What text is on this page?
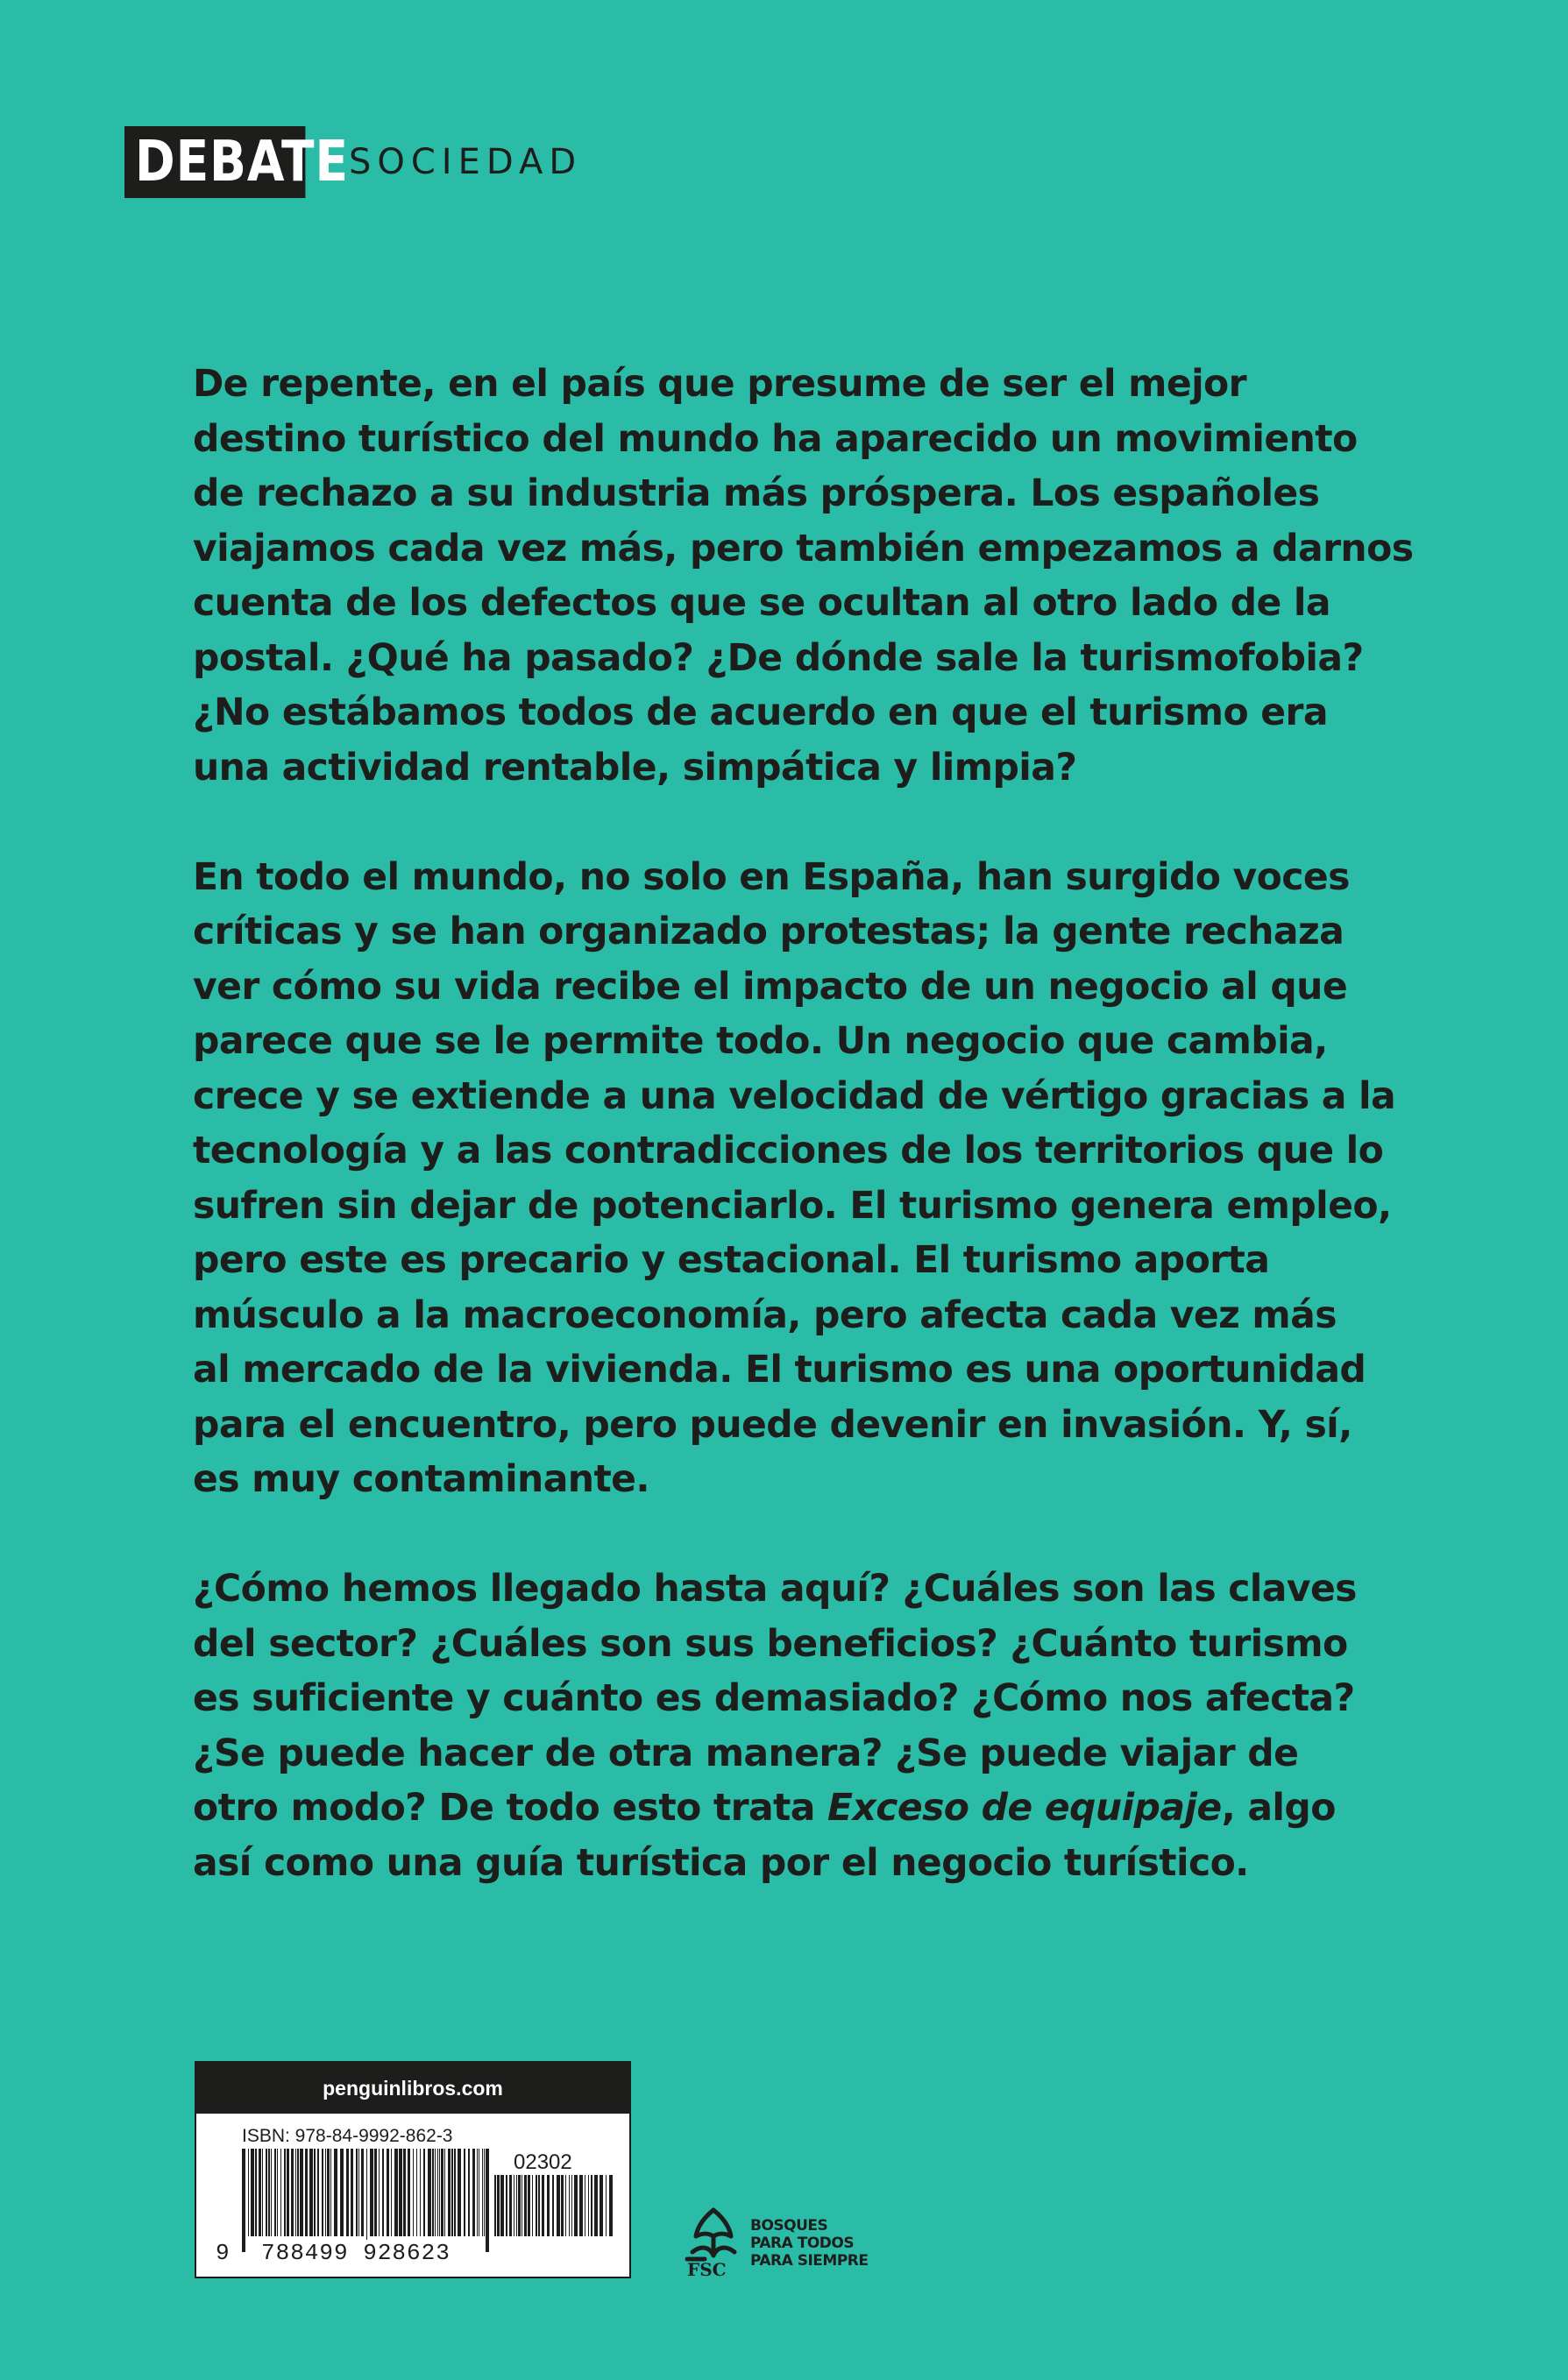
DEBATE SOCIEDAD
De repente, en el país que presume de ser el mejor
destino turístico del mundo ha aparecido un movimiento
de rechazo a su industria más próspera. Los españoles
viajamos cada vez más, pero también empezamos a darnos
cuenta de los defectos que se ocultan al otro lado de la
postal. ¿Qué ha pasado? ¿De dónde sale la turismofobia?
¿No estábamos todos de acuerdo en que el turismo era
una actividad rentable, simpática y limpia?
En todo el mundo, no solo en España, han surgido voces
críticas y se han organizado protestas; la gente rechaza
ver cómo su vida recibe el impacto de un negocio al que
parece que se le permite todo. Un negocio que cambia,
crece y se extiende a una velocidad de vértigo gracias a la
tecnología y a las contradicciones de los territorios que lo
sufren sin dejar de potenciarlo. El turismo genera empleo,
pero este es precario y estacional. El turismo aporta
músculo a la macroeconomía, pero afecta cada vez más
al mercado de la vivienda. El turismo es una oportunidad
para el encuentro, pero puede devenir en invasión. Y, sí,
es muy contaminante.
¿Cómo hemos llegado hasta aquí? ¿Cuáles son las claves
del sector? ¿Cuáles son sus beneficios? ¿Cuánto turismo
es suficiente y cuánto es demasiado? ¿Cómo nos afecta?
¿Se puede hacer de otra manera? ¿Se puede viajar de
otro modo? De todo esto trata Exceso de equipaje, algo
así como una guía turística por el negocio turístico.
penguinlibros.com
ISBN: 978-84-9992-862-3
02302
9 788499 928623
FSC
BOSQUES
PARA TODOS
PARA SIEMPRE
